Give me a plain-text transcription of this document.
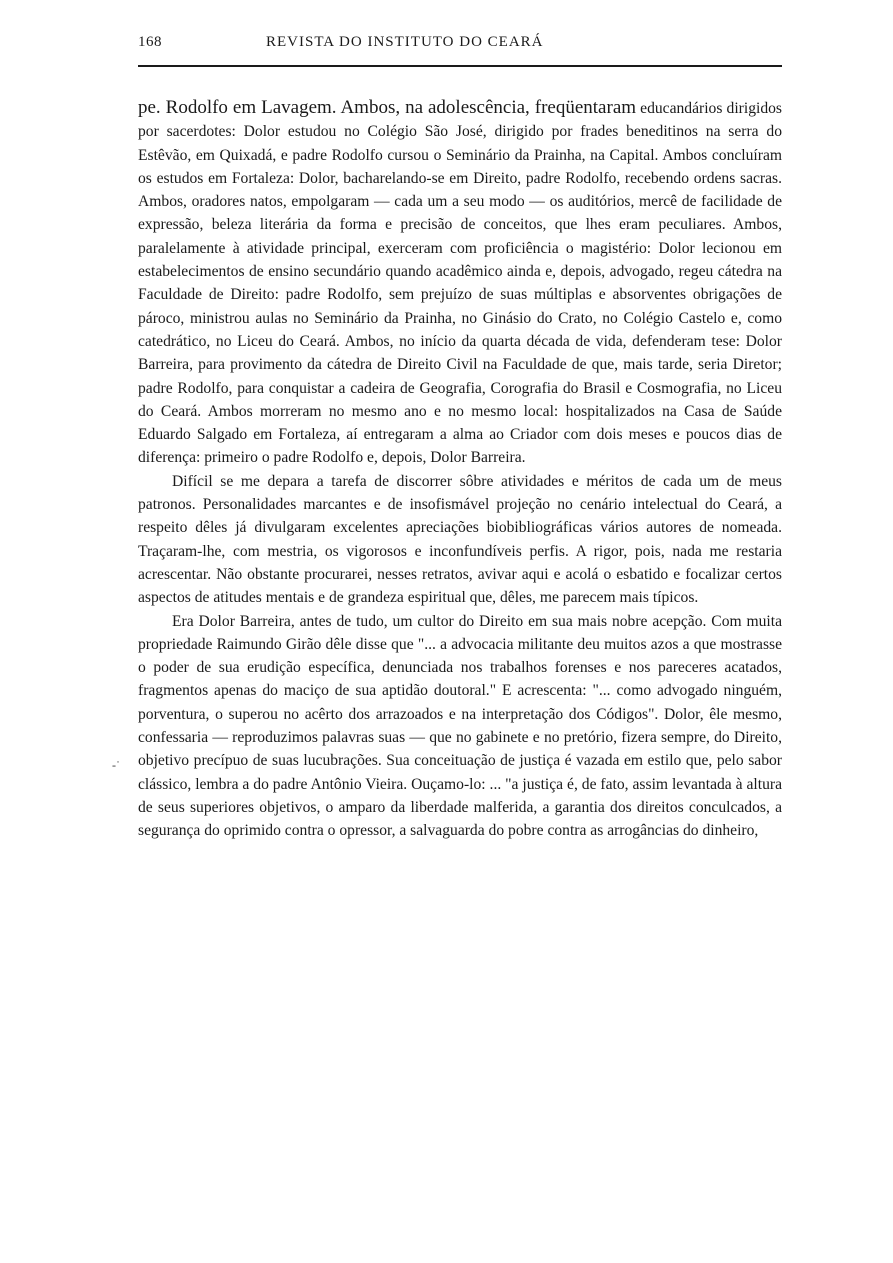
168	REVISTA DO INSTITUTO DO CEARÁ

pe. Rodolfo em Lavagem. Ambos, na adolescência, freqüentaram educandários dirigidos por sacerdotes: Dolor estudou no Colégio São José, dirigido por frades beneditinos na serra do Estêvão, em Quixadá, e padre Rodolfo cursou o Seminário da Prainha, na Capital. Ambos concluíram os estudos em Fortaleza: Dolor, bacharelando-se em Direito, padre Rodolfo, recebendo ordens sacras. Ambos, oradores natos, empolgaram — cada um a seu modo — os auditórios, mercê de facilidade de expressão, beleza literária da forma e precisão de conceitos, que lhes eram peculiares. Ambos, paralelamente à atividade principal, exerceram com proficiência o magistério: Dolor lecionou em estabelecimentos de ensino secundário quando acadêmico ainda e, depois, advogado, regeu cátedra na Faculdade de Direito: padre Rodolfo, sem prejuízo de suas múltiplas e absorventes obrigações de pároco, ministrou aulas no Seminário da Prainha, no Ginásio do Crato, no Colégio Castelo e, como catedrático, no Liceu do Ceará. Ambos, no início da quarta década de vida, defenderam tese: Dolor Barreira, para provimento da cátedra de Direito Civil na Faculdade de que, mais tarde, seria Diretor; padre Rodolfo, para conquistar a cadeira de Geografia, Corografia do Brasil e Cosmografia, no Liceu do Ceará. Ambos morreram no mesmo ano e no mesmo local: hospitalizados na Casa de Saúde Eduardo Salgado em Fortaleza, aí entregaram a alma ao Criador com dois meses e poucos dias de diferença: primeiro o padre Rodolfo e, depois, Dolor Barreira.

Difícil se me depara a tarefa de discorrer sôbre atividades e méritos de cada um de meus patronos. Personalidades marcantes e de insofismável projeção no cenário intelectual do Ceará, a respeito dêles já divulgaram excelentes apreciações biobibliográficas vários autores de nomeada. Traçaram-lhe, com mestria, os vigorosos e inconfundíveis perfis. A rigor, pois, nada me restaria acrescentar. Não obstante procurarei, nesses retratos, avivar aqui e acolá o esbatido e focalizar certos aspectos de atitudes mentais e de grandeza espiritual que, dêles, me parecem mais típicos.

Era Dolor Barreira, antes de tudo, um cultor do Direito em sua mais nobre acepção. Com muita propriedade Raimundo Girão dêle disse que "... a advocacia militante deu muitos azos a que mostrasse o poder de sua erudição específica, denunciada nos trabalhos forenses e nos pareceres acatados, fragmentos apenas do maciço de sua aptidão doutoral." E acrescenta: "... como advogado ninguém, porventura, o superou no acêrto dos arrazoados e na interpretação dos Códigos". Dolor, êle mesmo, confessaria — reproduzimos palavras suas — que no gabinete e no pretório, fizera sempre, do Direito, objetivo precípuo de suas lucubrações. Sua conceituação de justiça é vazada em estilo que, pelo sabor clássico, lembra a do padre Antônio Vieira. Ouçamo-lo: ... "a justiça é, de fato, assim levantada à altura de seus superiores objetivos, o amparo da liberdade malferida, a garantia dos direitos conculcados, a segurança do oprimido contra o opressor, a salvaguarda do pobre contra as arrogâncias do dinheiro,

-˙
